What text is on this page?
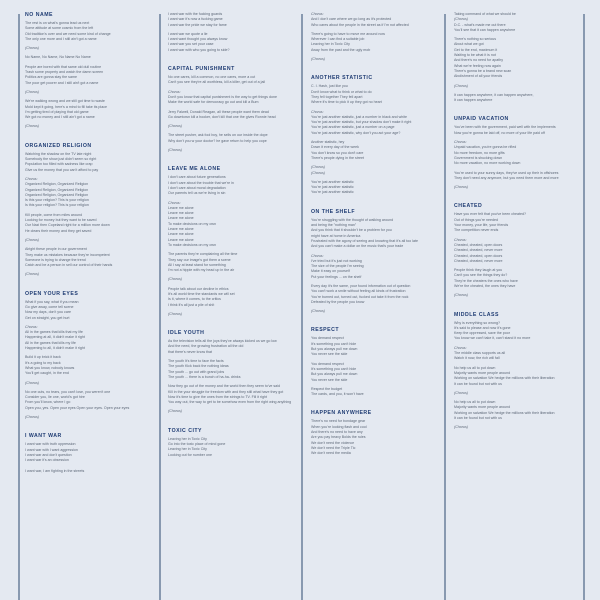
NO NAME
The rest is on what's gonna lead us next
Some attitude at some cosmic from the left
Old tradition's over and we need some kind of change
The only one more and I still ain't got a name
(Chorus)
No Name, No Name, No Name No Name
People are bored with that same old dull routine
Trash some property and watch the damn screen
Politics are gonna stay the same
The poor get poorer and I still ain't got a name
(Chorus)
We're walking wrong and we still got time to waste
Mold kept it going, here's a mind to fill take its place
I'm getting tired of playing that old game
We got no money and I still ain't got a name
(Chorus)
ORGANIZED RELIGION
Watching the shadow on the TV late night
Somebody the show just didn't seem so right
Population too filled with sadness like crap
Give us the money that you can't afford to pay
Chorus:
Organized Religion, Organized Religion
Organized Religion, Organized Religion
Organized Religion, Organized Religion
Is this your religion? This is your religion
Is this your religion? This is your religion
Kill people, come from miles around
Looking for money but they want to be saved
Our Nazi then Copeland right for a million more down
He clears their money and they get saved
(Chorus)
Alright these people in our government
They make us mistakes because they're incompetent
Someone is trying to change the trend
Catch and be a person in sell our control of their hands
(Chorus)
OPEN YOUR EYES
What if you say, what if you mean
Go give away, come tell scene
Now my days, don't you care
Get on straight, you get hurt
Chorus:
All in the games that kills that my life
Happening at all, it didn't make it right
All in the games that kills my life
Happening to all, it didn't make it right
Build it up brick it back
It's a going to my back
What you know, nobody knows
You'll get caught, in the end
(Chorus)
No one cuts, no tears, you can't lose, you weren't one
Consider you, lie one, world's got hire
From you'll know, where I go
Open you, yes. Open your eyes Open your eyes. Open your eyes
(Chorus)
I WANT WAR
I want war with truth oppression
I want war with I want aggression
I want war and don't question
I want war it's an obsession

I want war, I am fighting in the streets
I want war with the fucking guards
I want war it's now a fucking game
I want war the pride we stay for fame
I want war we quote a lie
I want want thought you always know
I want war you set your case
I want war with who you going to side?
CAPITAL PUNISHMENT
No one cares, kill a common, no one cares, more a cut
Can't you see they're all worthless, kill a killer, get out of a jail
Chorus:
Don't you know that capital punishment is the way to get things done
Make the world safe for democracy go out and kill a Bum
Jerry Falwell, Donald Reagan, all these people want them dead
Go downtown kill a hooker, don't kill that one the gives Ronnie head
(Chorus)
The street pusher, ask fool boy, he sells on our inside the dope
Why don't you w your doctor? he gave return to help you cope
(Chorus)
LEAVE ME ALONE
I don't care about future generations
I don't care about the trouble that we're in
I don't care about moral degradation
Our parents tell us we're living in sin
Chorus:
Leave me alone
Leave me alone
Leave me alone
To make decisions on my own
Leave me alone
Leave me alone
Leave me alone
To make decisions on my own
The parents they're complaining all the time
They say our image's got them a scene
All I say at least stand for something
I'm not a hippie with my head up in the air
(Chorus)
People talk about our decline in ethics
It's all world time the standards we will set
Is it, where it comes, to the critics
I think it's all just a pile of shit
(Chorus)
IDLE YOUTH
As the television tells all the joys they've always kicked us we go low
And the need, the growing frustration all the old
that there's never know that
The youth It's time to face the facts
The youth Kick back the nothing ideas
The youth ... go out with grand jobs
The youth ... there is a bunch of ha-ha- drinks
Now they go out of the money and the world then they seem to've said
Kill in the your struggle for freedom with and they still what have they got
Now it's time to give the ones from the strings to TV. Fill it right
You way out, the way to get to be somehow even from the right wing anything
(Chorus)
TOXIC CITY
Leaving her in Toxic City
Go into the toxic place of mind gone
Leaving her in Toxic City
Looking out for number one
Chorus:
And I don't care where we go long as it's protected
Who cares about the people in the street as if I'm not affected
There's going to have to move me around now
Wherever I can find a suitable job
Leaving her in Toxic City
Away from the past and the ugly mob
(Chorus)
ANOTHER STATISTIC
C. I. Hash, just like you
Don't know what to think or what to do
They fell together They fell apart
Where it's time to pick it up they got no heart
Chorus:
You're just another statistic, just a number in black and white
You're just another statistic, but your shadow don't make it right
You're just another statistic, just a number on a page
You're just another statistic, why don't you act your age?
Another statistic, hey
Down it every day of the week
You don't know so you don't care
There's people dying in the street
(Chorus)
(Chorus)
You're just another statistic
You're just another statistic
You're just another statistic
ON THE SHELF
You're struggling with the thought of walking around
and being the "nothing man"
And you think that it shouldn't be a problem for you
might have at home in America
Frustrated with the agony of seeing and knowing that it's all too late
And you can't make a dollar on the music that's your trade
Chorus:
I've tried but it's just not working
The size of the people I'm seeing
Make it easy on yourself
Put your feelings ... on the shelf
Every day it's the same, your found information out of question
You can't work a smile without feeling all kinds of frustration
You're burned out, turned out, fucked out take it from the rock
Defeated by the people you know
(Chorus)
RESPECT
You demand respect
It's something you can't hide
But you always pull me down
You never see the side
You demand respect
It's something you can't hide
But you always pull me down
You never see the side
Respect the budget
The cards, and you, it won't have
HAPPEN ANYWHERE
There's no need for bondage gear
When you're looking flash and cool
And there's no need to have any
Are you pay heavy Bolds the rules
We don't need the violence
We don't need the Triple Tic
We don't need the media
Taking command of what we should be
(Chorus)
D.C. - what's made me out there
You'll see that it can happen anywhere
There's nothing so serious
About what we got
Get to the end, maximum it
Waiting to be what it is not
And there's no need for apathy
What we're feeling now again
There's gonna be a brand new scan
Abolishment of all your friends
(Chorus)
It can happen anywhere, it can happen anywhere,
It can happen anywhere
UNPAID VACATION
You've been with the government, paid well with the implements
Now you're gonna be laid off, no more of your life paid off
Chorus:
Unpaid vacation, you're gonna be rifled
No more freedom, no more gifts
Government is shucking down
No more vacation, no more working down
You're used to your sunny days, they've used up their in offshores
They don't need any anymore, but you need them more and more
(Chorus)
CHEATED
Have you ever felt that you've been cheated?
Out of things you're needed
Your money, your life, your friends
The competition never ends
Chorus:
Cheated, cheated, open doors
Cheated, cheated, never more
Cheated, cheated, open doors
Cheated, cheated, never more
People think they laugh at you
Can't you see the things they do?
They're the cheaters the ones who have
We're the cheated, the ones they have
(Chorus)
MIDDLE CLASS
Why is everything so wrong?
It's said to please and now it's gone
Keep the oppressed, save the poor
You know we can't take it, can't stand it no more
Chorus:
The middle class supports us all
Watch it now, the rich will fall
No help us all to put down
Majority wants more people around
Working on salvation We hedge the millions with their liberation
It can be found but not with us
(Chorus)
No help us all to put down
Majority wants more people around
Working on salvation We hedge the millions with their liberation
It can be found but not with us
(Chorus)
